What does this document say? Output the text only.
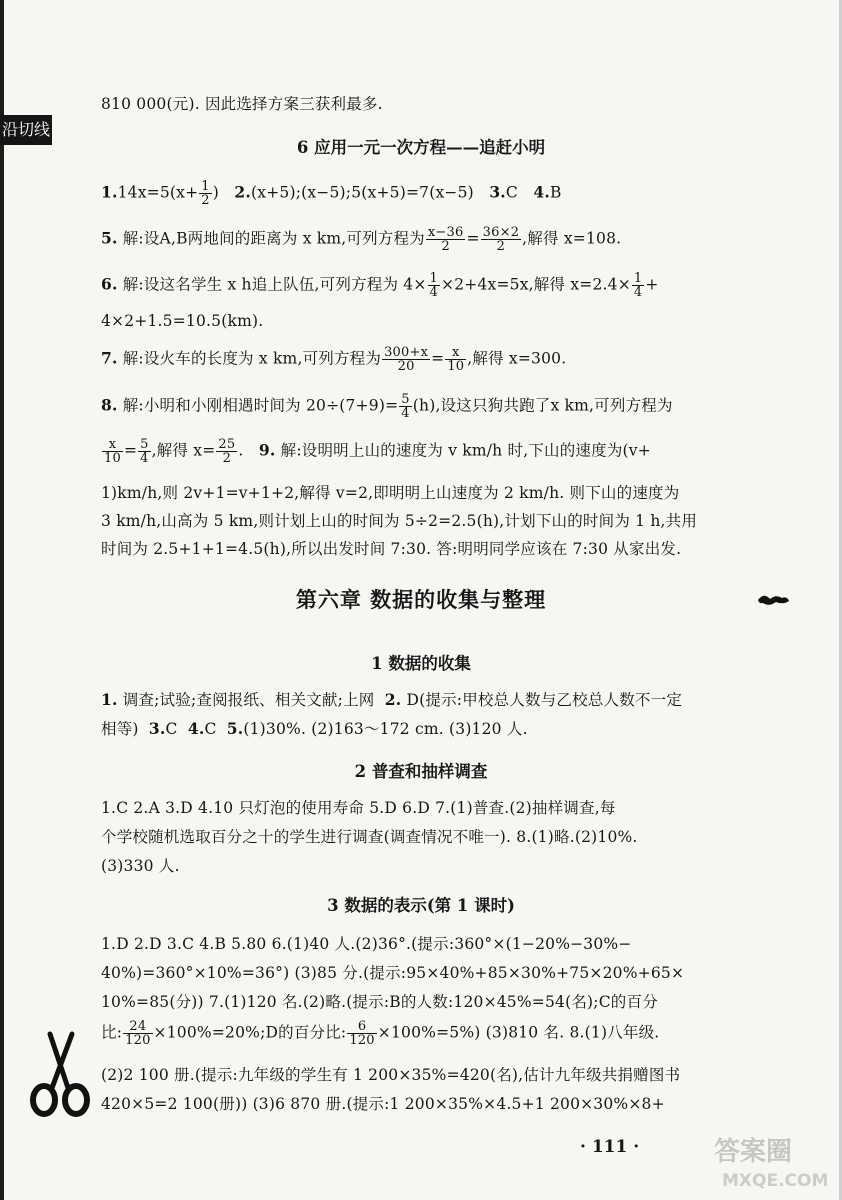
沿切线
810 000(元). 因此选择方案三获利最多.
6 应用一元一次方程——追赶小明
$1.14x=5(x+ \frac{1}{2}$ ) 2.(x+5);(x−5);5(x+5)=7(x−5) 3.C 4.B
5. 解:设A,B两地间的距离为 x km,可列方程为 $\frac{x-36}{2} = \frac{36\times 2}{2}$ ,解得 x=108.
6. 解:设这名学生 x h追上队伍,可列方程为 $4\times \frac{1}{4} \times 2+4x=5x$,解得 $x=2.4\times \frac{1}{4}$ +
4×2+1.5=10.5(km).
7. 解:设火车的长度为 x km,可列方程为 $\frac{300+x}{20} = \frac{x}{10}$ ,解得 x=300.
8. 解:小明和小刚相遇时间为 $20\div(7+9)= \frac{5}{4} (h)$,设这只狗共跑了x km,可列方程为
$\frac{x}{10} = \frac{5}{4}$ ,解得 $x= \frac{25}{2}$ . 9. 解:设明明上山的速度为 v km/h 时,下山的速度为(v+
1)km/h,则 2v+1=v+1+2,解得 v=2,即明明上山速度为 2 km/h. 则下山的速度为
3 km/h,山高为 5 km,则计划上山的时间为 5÷2=2.5(h),计划下山的时间为 1 h,共用
时间为 2.5+1+1=4.5(h),所以出发时间 7:30. 答:明明同学应该在 7:30 从家出发.
第六章 数据的收集与整理
1 数据的收集
1. 调查;试验;查阅报纸、相关文献;上网 2. D(提示:甲校总人数与乙校总人数不一定
相等) 3.C 4.C 5.(1)30%. (2)163～172 cm. (3)120 人.
2 普查和抽样调查
1.C 2.A 3.D 4.10 只灯泡的使用寿命 5.D 6.D 7.(1)普查.(2)抽样调查,每
个学校随机选取百分之十的学生进行调查(调查情况不唯一). 8.(1)略.(2)10%.
(3)330 人.
3 数据的表示(第 1 课时)
1.D 2.D 3.C 4.B 5.80 6.(1)40 人.(2)36°.(提示:360°×(1−20%−30%−
40%)=360°×10%=36°) (3)85 分.(提示:95×40%+85×30%+75×20%+65×
10%=85(分)) 7.(1)120 名.(2)略.(提示:B的人数:120×45%=54(名);C的百分
比: $\frac{24}{120}$ ×100%=20%;D的百分比: $\frac{6}{120} \times 100\%=5\%$) (3)810 名. 8.(1)八年级.
(2)2 100 册.(提示:九年级的学生有 1 200×35%=420(名),估计九年级共捐赠图书
420×5=2 100(册)) (3)6 870 册.(提示:1 200×35%×4.5+1 200×30%×8+
· 111 ·	答案圈
MXQE.COM
